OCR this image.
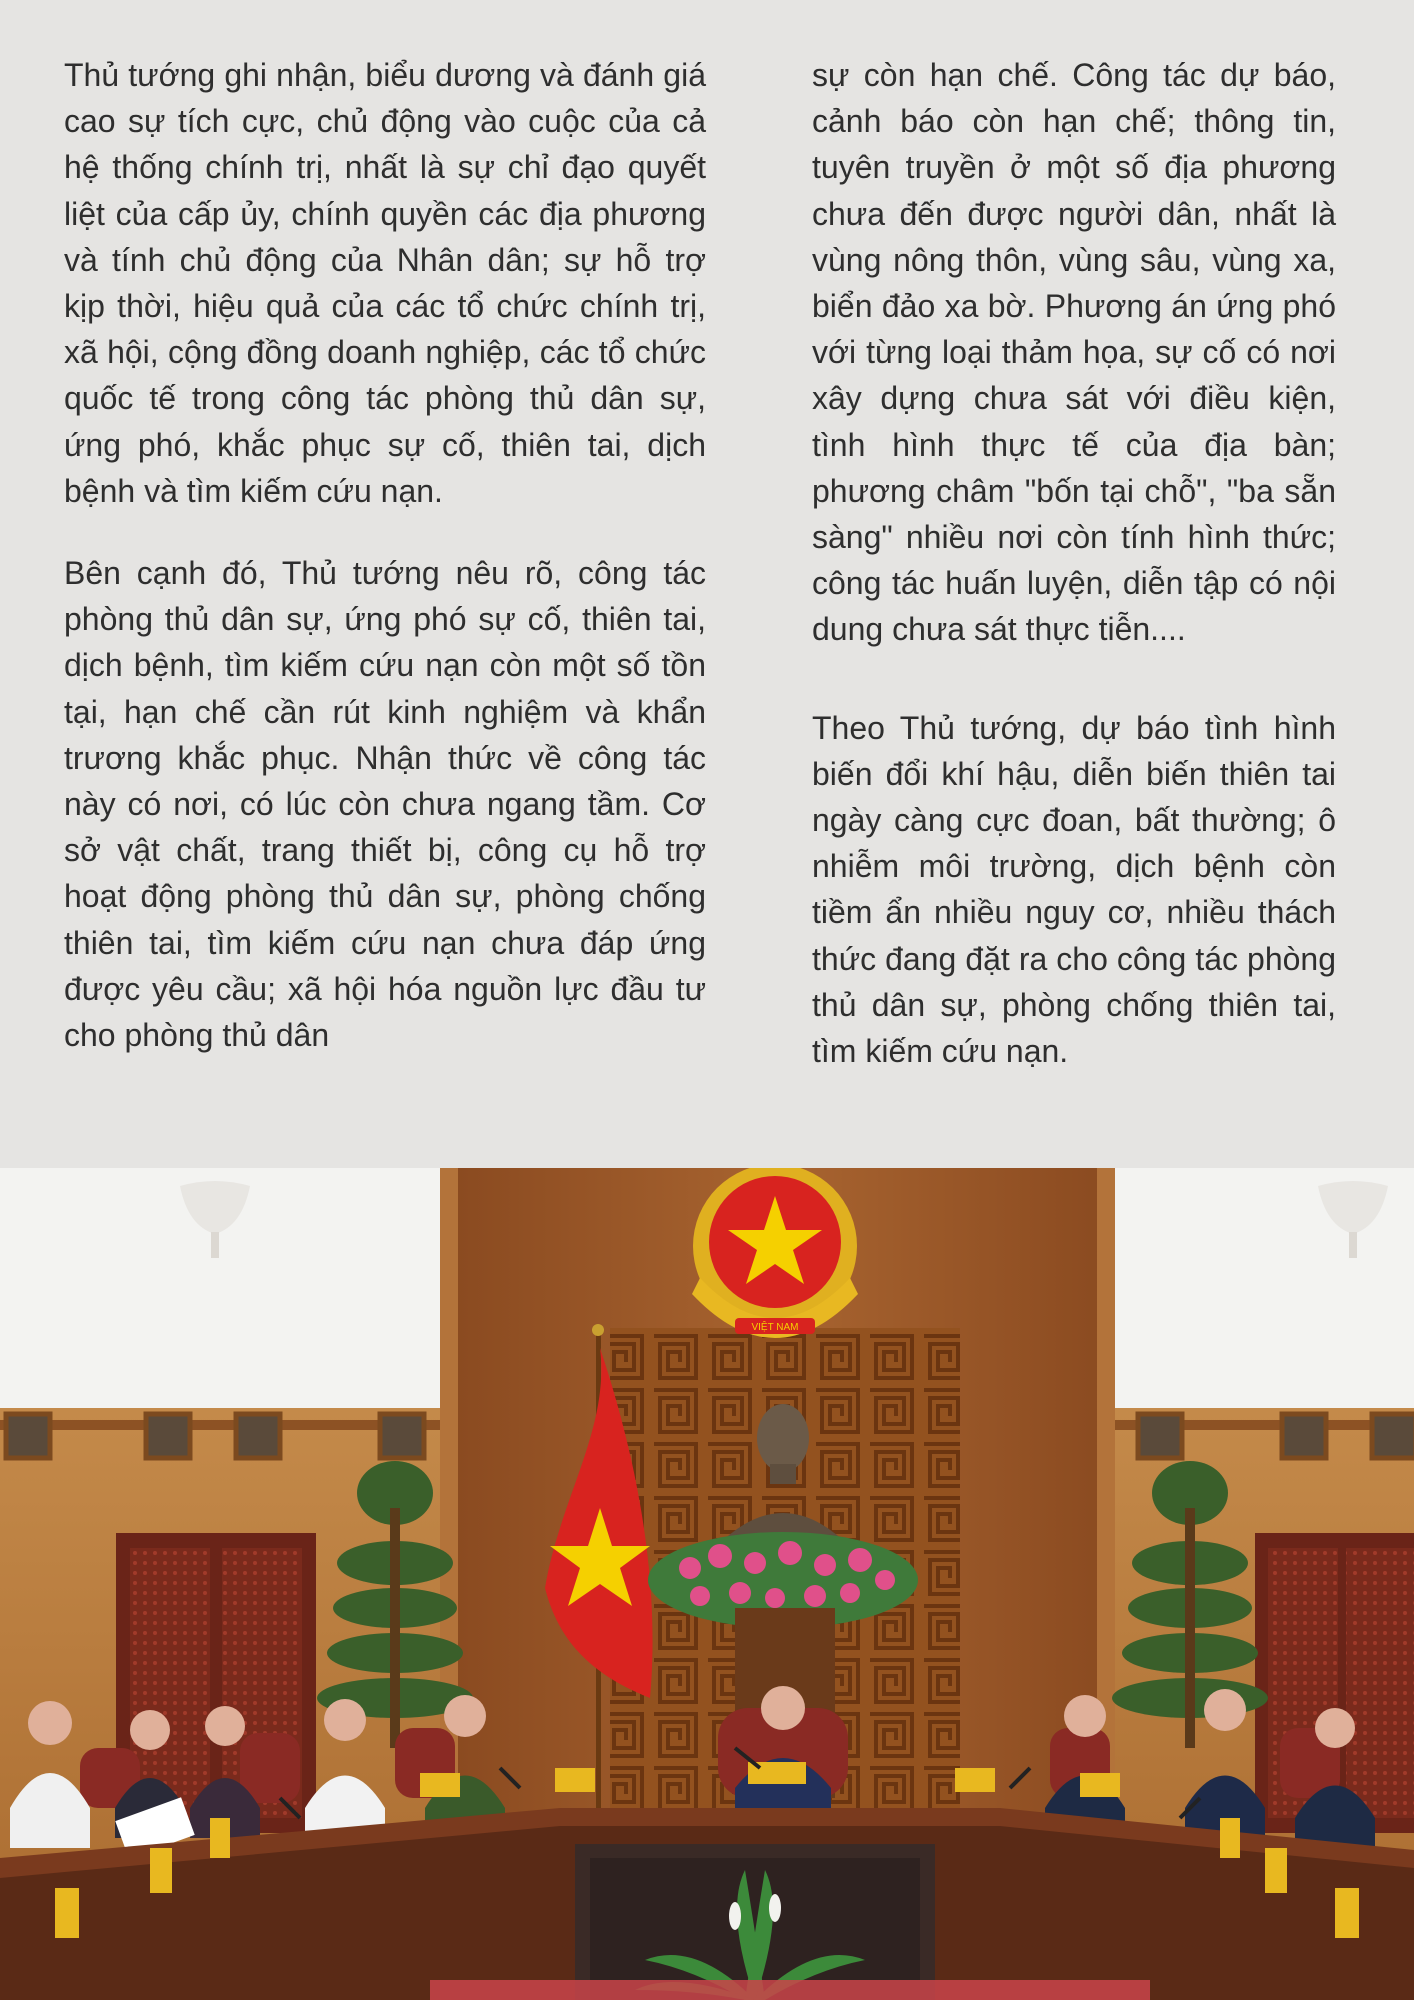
Thủ tướng ghi nhận, biểu dương và đánh giá cao sự tích cực, chủ động vào cuộc của cả hệ thống chính trị, nhất là sự chỉ đạo quyết liệt của cấp ủy, chính quyền các địa phương và tính chủ động của Nhân dân; sự hỗ trợ kịp thời, hiệu quả của các tổ chức chính trị, xã hội, cộng đồng doanh nghiệp, các tổ chức quốc tế trong công tác phòng thủ dân sự, ứng phó, khắc phục sự cố, thiên tai, dịch bệnh và tìm kiếm cứu nạn.

Bên cạnh đó, Thủ tướng nêu rõ, công tác phòng thủ dân sự, ứng phó sự cố, thiên tai, dịch bệnh, tìm kiếm cứu nạn còn một số tồn tại, hạn chế cần rút kinh nghiệm và khẩn trương khắc phục. Nhận thức về công tác này có nơi, có lúc còn chưa ngang tầm. Cơ sở vật chất, trang thiết bị, công cụ hỗ trợ hoạt động phòng thủ dân sự, phòng chống thiên tai, tìm kiếm cứu nạn chưa đáp ứng được yêu cầu; xã hội hóa nguồn lực đầu tư cho phòng thủ dân

sự còn hạn chế. Công tác dự báo, cảnh báo còn hạn chế; thông tin, tuyên truyền ở một số địa phương chưa đến được người dân, nhất là vùng nông thôn, vùng sâu, vùng xa, biển đảo xa bờ. Phương án ứng phó với từng loại thảm họa, sự cố có nơi xây dựng chưa sát với điều kiện, tình hình thực tế của địa bàn; phương châm "bốn tại chỗ", "ba sẵn sàng" nhiều nơi còn tính hình thức; công tác huấn luyện, diễn tập có nội dung chưa sát thực tiễn....

Theo Thủ tướng, dự báo tình hình biến đổi khí hậu, diễn biến thiên tai ngày càng cực đoan, bất thường; ô nhiễm môi trường, dịch bệnh còn tiềm ẩn nhiều nguy cơ, nhiều thách thức đang đặt ra cho công tác phòng thủ dân sự, phòng chống thiên tai, tìm kiếm cứu nạn.

VIỆT NAM
